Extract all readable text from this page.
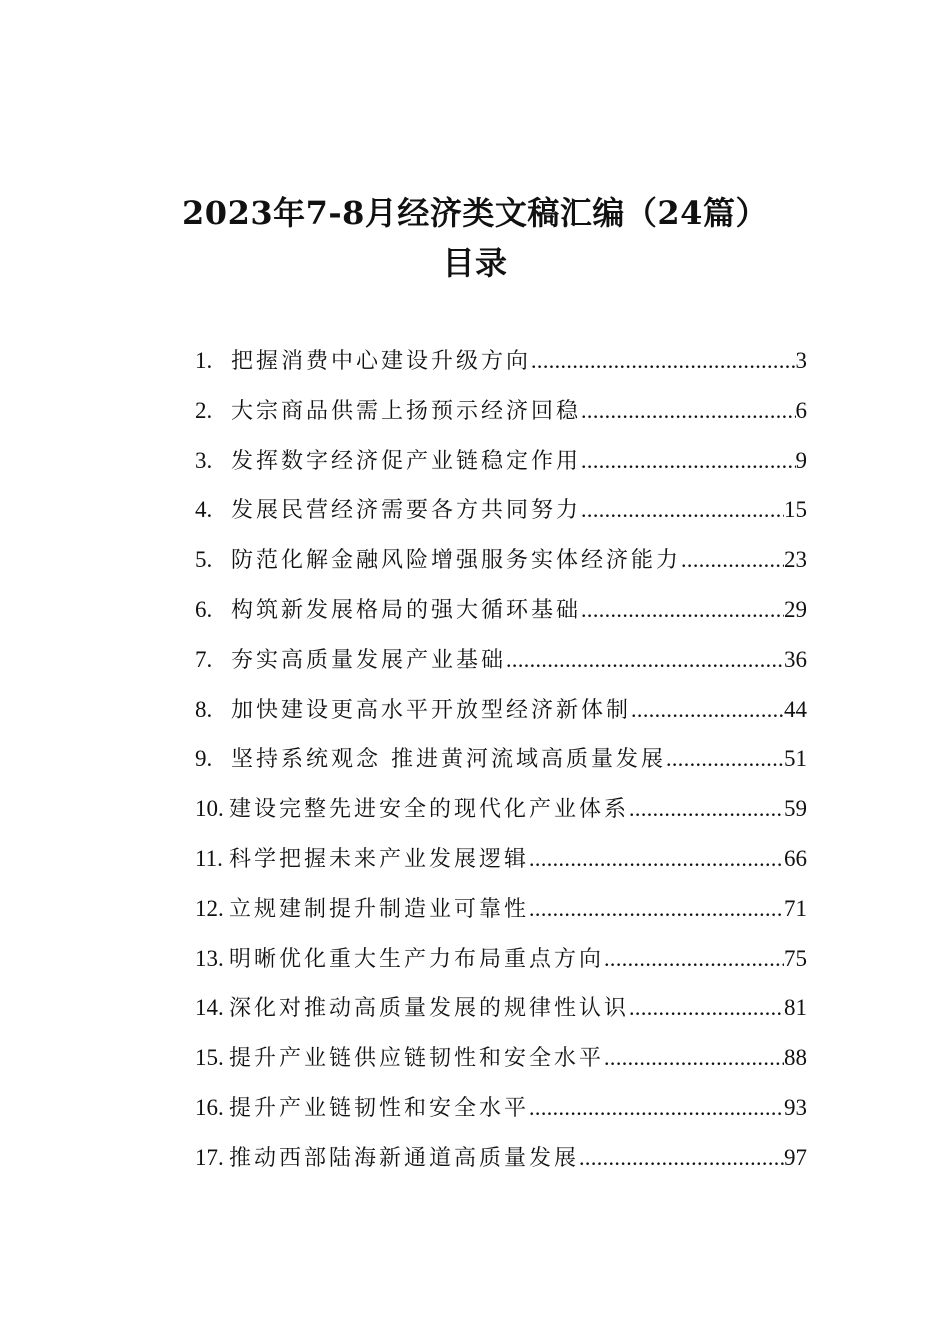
2023年7-8月经济类文稿汇编（24篇）
目录
1. 把握消费中心建设升级方向 .....	3
2. 大宗商品供需上扬预示经济回稳 .....	6
3. 发挥数字经济促产业链稳定作用 .....	9
4. 发展民营经济需要各方共同努力 .....	15
5. 防范化解金融风险增强服务实体经济能力 .....	23
6. 构筑新发展格局的强大循环基础 .....	29
7. 夯实高质量发展产业基础 .....	36
8. 加快建设更高水平开放型经济新体制 .....	44
9. 坚持系统观念 推进黄河流域高质量发展 .....	51
10. 建设完整先进安全的现代化产业体系 .....	59
11. 科学把握未来产业发展逻辑 .....	66
12. 立规建制提升制造业可靠性 .....	71
13. 明晰优化重大生产力布局重点方向 .....	75
14. 深化对推动高质量发展的规律性认识 .....	81
15. 提升产业链供应链韧性和安全水平 .....	88
16. 提升产业链韧性和安全水平 .....	93
17. 推动西部陆海新通道高质量发展 .....	97
